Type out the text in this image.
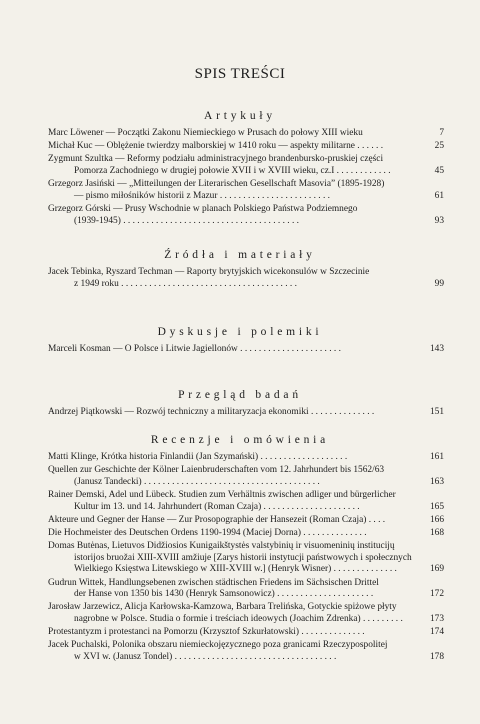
SPIS TREŚCI
Artykuły
Marc Löwener — Początki Zakonu Niemieckiego w Prusach do połowy XIII wieku	7
Michał Kuc — Oblężenie twierdzy malborskiej w 1410 roku — aspekty militarne . . . . . .	25
Zygmunt Szultka — Reformy podziału administracyjnego brandenbursko-pruskiej części
Pomorza Zachodniego w drugiej połowie XVII i w XVIII wieku, cz.I . . . . . . . . . . . .	45
Grzegorz Jasiński — „Mitteilungen der Literarischen Gesellschaft Masovia” (1895-1928)
— pismo miłośników historii z Mazur . . . . . . . . . . . . . . . . . . . . . . . .	61
Grzegorz Górski — Prusy Wschodnie w planach Polskiego Państwa Podziemnego
(1939-1945) . . . . . . . . . . . . . . . . . . . . . . . . . . . . . . . . . . . . . .	93
Źródła i materiały
Jacek Tebinka, Ryszard Techman — Raporty brytyjskich wicekonsulów w Szczecinie
z 1949 roku . . . . . . . . . . . . . . . . . . . . . . . . . . . . . . . . . . . . . .	99
Dyskusje i polemiki
Marceli Kosman — O Polsce i Litwie Jagiellonów . . . . . . . . . . . . . . . . . . . . . .	143
Przegląd badań
Andrzej Piątkowski — Rozwój techniczny a militaryzacja ekonomiki . . . . . . . . . . . . . .	151
Recenzje i omówienia
Matti Klinge, Krótka historia Finlandii (Jan Szymański) . . . . . . . . . . . . . . . . . . .	161
Quellen zur Geschichte der Kölner Laienbruderschaften vom 12. Jahrhundert bis 1562/63
(Janusz Tandecki) . . . . . . . . . . . . . . . . . . . . . . . . . . . . . . . . . . . . . .	163
Rainer Demski, Adel und Lübeck. Studien zum Verhältnis zwischen adliger und bürgerlicher
Kultur im 13. und 14. Jahrhundert (Roman Czaja) . . . . . . . . . . . . . . . . . . . . .	165
Akteure und Gegner der Hanse — Zur Prosopographie der Hansezeit (Roman Czaja) . . . .	166
Die Hochmeister des Deutschen Ordens 1190-1994 (Maciej Dorna) . . . . . . . . . . . . . .	168
Domas Butėnas, Lietuvos Didžiosios Kunigaikštystės valstybinių ir visuomeninių institucijų
istorijos bruožai XIII-XVIII amžiuje [Zarys historii instytucji państwowych i społecznych
Wielkiego Księstwa Litewskiego w XIII-XVIII w.] (Henryk Wisner) . . . . . . . . . . . . . .	169
Gudrun Wittek, Handlungsebenen zwischen städtischen Friedens im Sächsischen Drittel
der Hanse von 1350 bis 1430 (Henryk Samsonowicz) . . . . . . . . . . . . . . . . . . . . .	172
Jarosław Jarzewicz, Alicja Karłowska-Kamzowa, Barbara Trelińska, Gotyckie spiżowe płyty
nagrobne w Polsce. Studia o formie i treściach ideowych (Joachim Zdrenka) . . . . . . . . .	173
Protestantyzm i protestanci na Pomorzu (Krzysztof Szkurłatowski) . . . . . . . . . . . . . .	174
Jacek Puchalski, Polonika obszaru niemieckojęzycznego poza granicami Rzeczypospolitej
w XVI w. (Janusz Tondel) . . . . . . . . . . . . . . . . . . . . . . . . . . . . . . . . . . .	178
